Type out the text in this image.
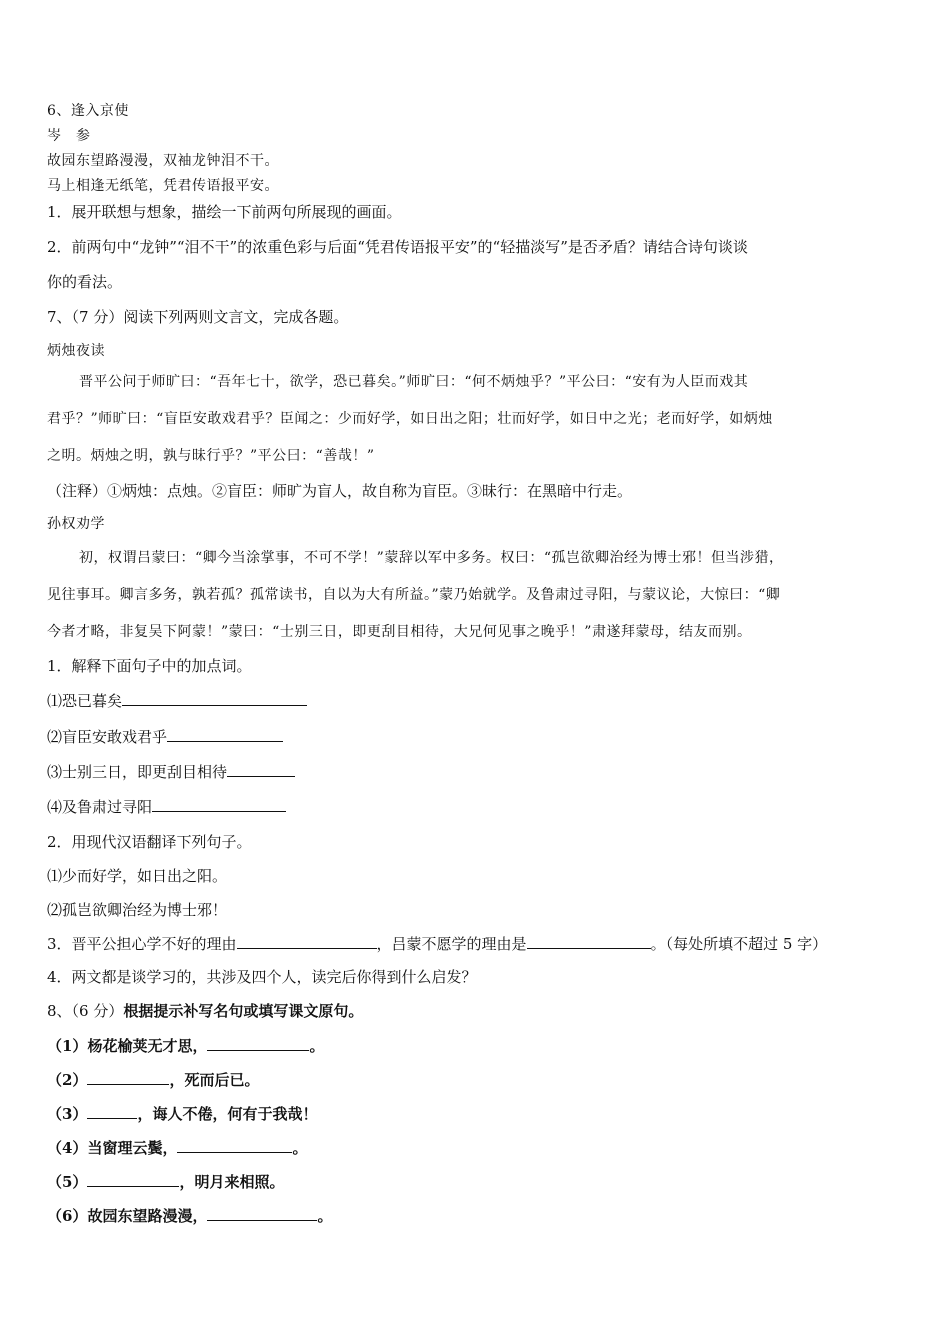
6、逢入京使
岑　参
故园东望路漫漫，双袖龙钟泪不干。
马上相逢无纸笔，凭君传语报平安。
1．展开联想与想象，描绘一下前两句所展现的画面。
2．前两句中“龙钟”“泪不干”的浓重色彩与后面“凭君传语报平安”的“轻描淡写”是否矛盾？请结合诗句谈谈
你的看法。
7、（7 分）阅读下列两则文言文，完成各题。
炳烛夜读
晋平公问于师旷曰：“吾年七十，欲学，恐已暮矣。”师旷曰：“何不炳烛乎？”平公曰：“安有为人臣而戏其
君乎？”师旷曰：“盲臣安敢戏君乎？臣闻之：少而好学，如日出之阳；壮而好学，如日中之光；老而好学，如炳烛
之明。炳烛之明，孰与昧行乎？”平公曰：“善哉！”
（注释）①炳烛：点烛。②盲臣：师旷为盲人，故自称为盲臣。③昧行：在黑暗中行走。
孙权劝学
初，权谓吕蒙曰：“卿今当涂掌事，不可不学！”蒙辞以军中多务。权曰：“孤岂欲卿治经为博士邪！但当涉猎，
见往事耳。卿言多务，孰若孤？孤常读书，自以为大有所益。”蒙乃始就学。及鲁肃过寻阳，与蒙议论，大惊曰：“卿
今者才略，非复吴下阿蒙！”蒙曰：“士别三日，即更刮目相待，大兄何见事之晚乎！”肃遂拜蒙母，结友而别。
1．解释下面句子中的加点词。
⑴恐已暮矣
⑵盲臣安敢戏君乎
⑶士别三日，即更刮目相待
⑷及鲁肃过寻阳
2．用现代汉语翻译下列句子。
⑴少而好学，如日出之阳。
⑵孤岂欲卿治经为博士邪！
3．晋平公担心学不好的理由	，吕蒙不愿学的理由是	。（每处所填不超过 5 字）
4．两文都是谈学习的，共涉及四个人，读完后你得到什么启发？
8、（6 分）根据提示补写名句或填写课文原句。
（1）杨花榆荚无才思，	。
（2）	，死而后已。
（3）	，诲人不倦，何有于我哉！
（4）当窗理云鬓，	。
（5）	，明月来相照。
（6）故园东望路漫漫，	。
